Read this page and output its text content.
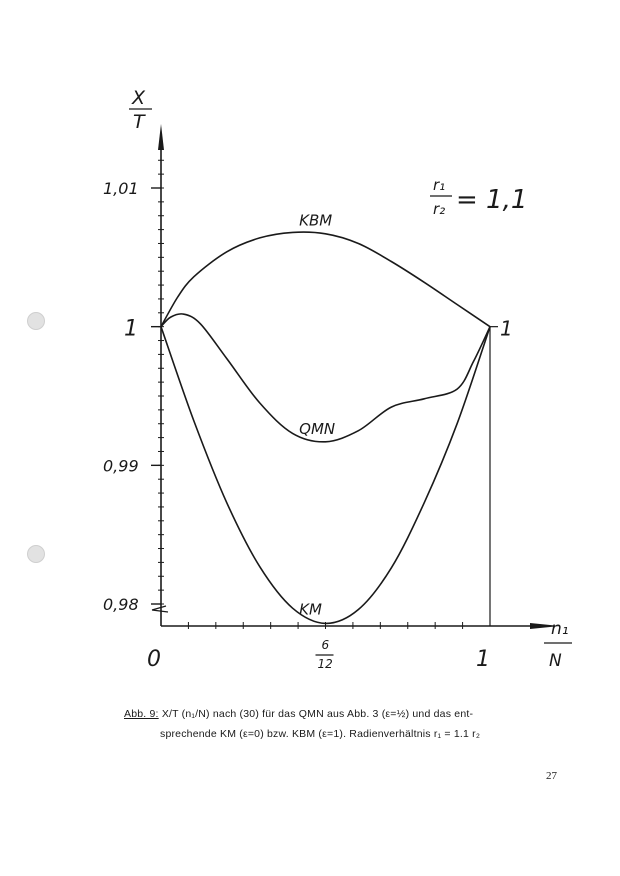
0,98
0,99
1
1,01
0
6
12	1
n₁
N
X
T
1
r₁
r₂ = 1,1
KBM
QMN
KM
Abb. 9: X/T (n₁/N) nach (30) für das QMN aus Abb. 3 (ε=½) und das ent-
sprechende KM (ε=0) bzw. KBM (ε=1). Radienverhältnis r₁ = 1.1 r₂
27
